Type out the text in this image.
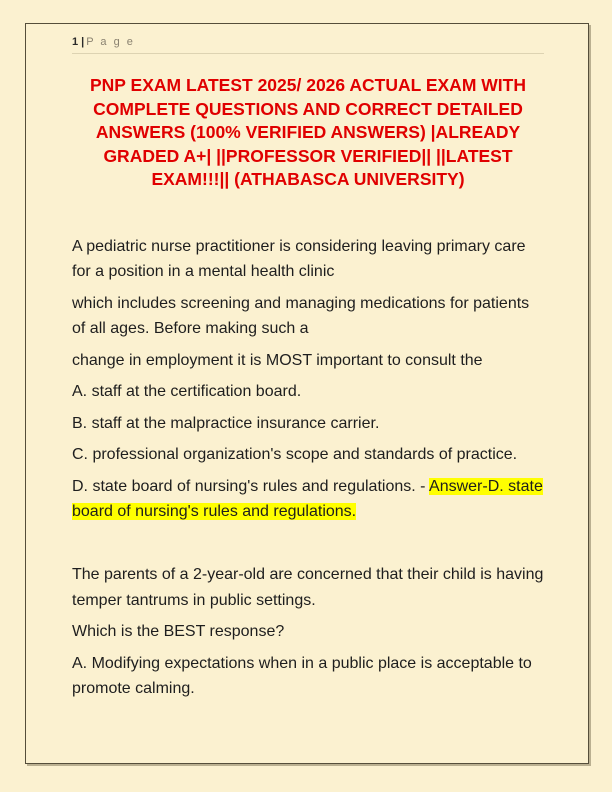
1 | P a g e
PNP EXAM LATEST 2025/ 2026 ACTUAL EXAM WITH COMPLETE QUESTIONS AND CORRECT DETAILED ANSWERS (100% VERIFIED ANSWERS) |ALREADY GRADED A+| ||PROFESSOR VERIFIED|| ||LATEST EXAM!!!|| (ATHABASCA UNIVERSITY)

A pediatric nurse practitioner is considering leaving primary care for a position in a mental health clinic

which includes screening and managing medications for patients of all ages. Before making such a

change in employment it is MOST important to consult the

A. staff at the certification board.

B. staff at the malpractice insurance carrier.

C. professional organization's scope and standards of practice.

D. state board of nursing's rules and regulations. - Answer-D. state board of nursing's rules and regulations.

The parents of a 2-year-old are concerned that their child is having temper tantrums in public settings.

Which is the BEST response?

A. Modifying expectations when in a public place is acceptable to promote calming.
